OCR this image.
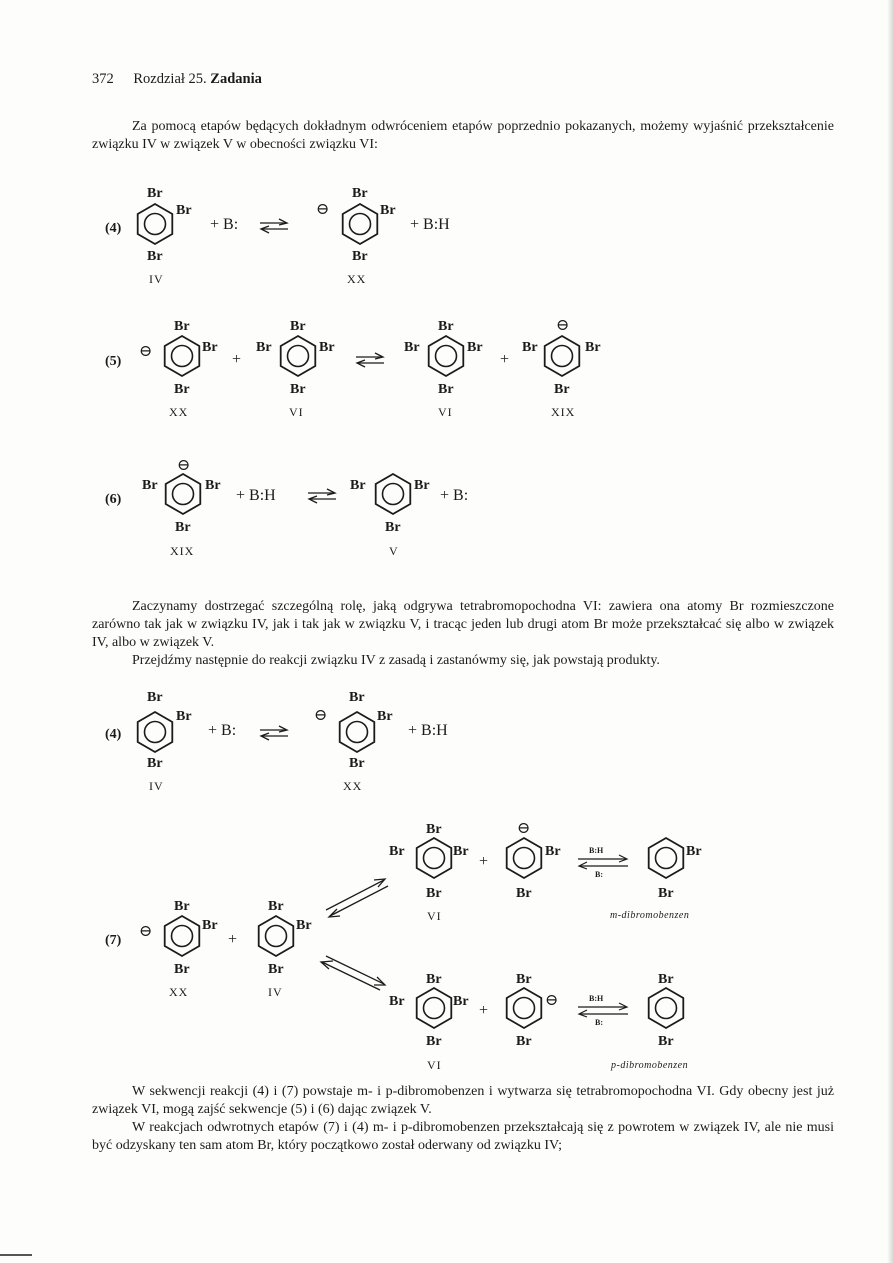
372 Rozdział 25. Zadania

Za pomocą etapów będących dokładnym odwróceniem etapów poprzednio pokazanych, możemy wyjaśnić przekształcenie związku IV w związek V w obecności związku VI:

Zaczynamy dostrzegać szczególną rolę, jaką odgrywa tetrabromopochodna VI: zawiera ona atomy Br rozmieszczone zarówno tak jak w związku IV, jak i tak jak w związku V, i tracąc jeden lub drugi atom Br może przekształcać się albo w związek IV, albo w związek V.

Przejdźmy następnie do reakcji związku IV z zasadą i zastanówmy się, jak powstają produkty.

W sekwencji reakcji (4) i (7) powstaje m- i p-dibromobenzen i wytwarza się tetrabromopochodna VI. Gdy obecny jest już związek VI, mogą zajść sekwencje (5) i (6) dając związek V.

W reakcjach odwrotnych etapów (7) i (4) m- i p-dibromobenzen przekształcają się z powrotem w związek IV, ale nie musi być odzyskany ten sam atom Br, który początkowo został oderwany od związku IV;

(4)
Br
Br
Br
IV
+ B:
⊖
Br
Br
Br
XX
+ B:H
(5)
⊖
Br
Br
Br
XX
+
Br
Br	Br
Br
VI
Br
Br	Br
Br
VI
+
⊖
Br	Br
Br
XIX
(6)
⊖
Br	Br
Br
XIX
+ B:H
Br	Br
Br
V
+ B:
(4)
Br
Br
Br
IV
+ B:
⊖
Br
Br
Br
XX
+ B:H
(7)
⊖
Br
Br
Br
XX
+
Br
Br
Br
IV
Br
Br	Br
Br
VI
+
⊖
Br
Br
B:H
B:
Br
Br
m-dibromobenzen
Br
Br	Br
Br
VI
+
Br
⊖
Br
B:H
B:
Br
Br
p-dibromobenzen
